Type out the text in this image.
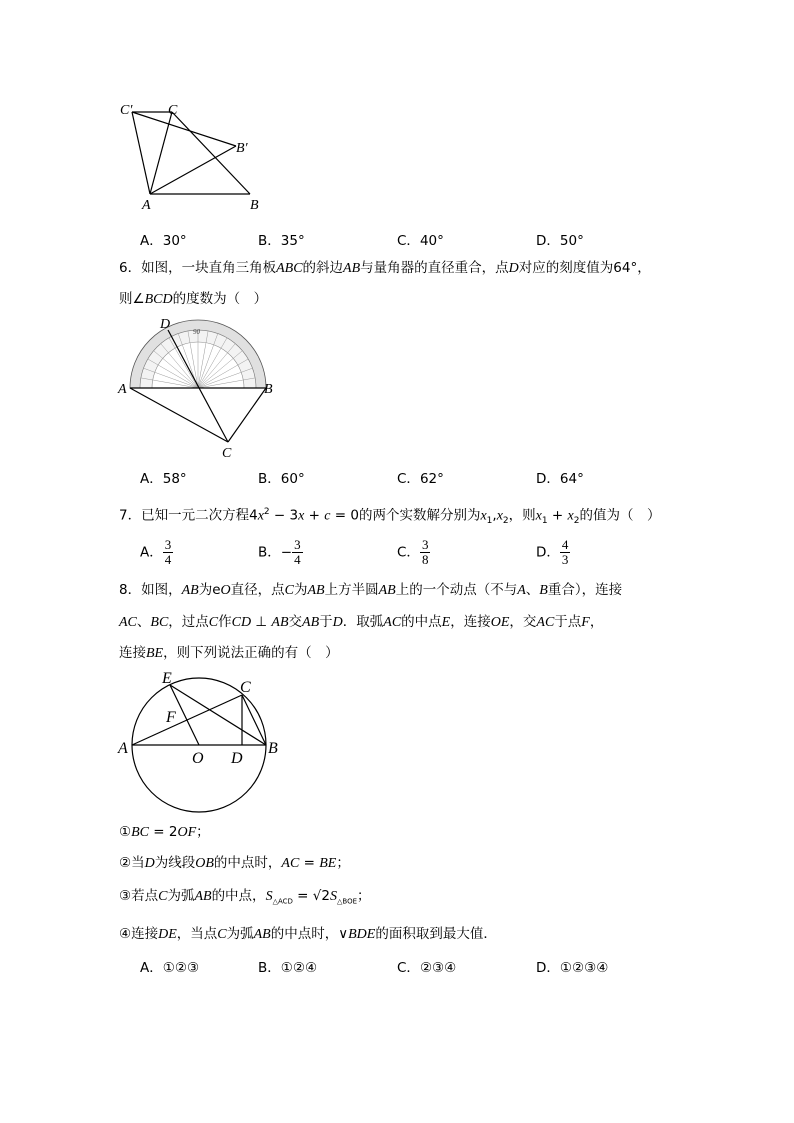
C′	C
B′
A	B
A．30°	B．35°	C．40°	D．50°
6．如图，一块直角三角板ABC的斜边AB与量角器的直径重合，点D对应的刻度值为64°，
则∠BCD的度数为（　）
90
D
A	B
C
A．58°	B．60°	C．62°	D．64°
7．已知一元二次方程$4x^2 - 3x + c = 0$的两个实数解分别为$x_1,x_2$，则$x_1 + x_2$的值为（　）
A． $\frac{3}{4}$	B．− $\frac{3}{4}$	C． $\frac{3}{8}$	D． $\frac{4}{3}$
8．如图，AB为eO直径，点C为AB上方半圆AB上的一个动点（不与A、B重合），连接
AC、BC，过点C作CD ⊥ AB交AB于D．取弧AC的中点E，连接OE，交AC于点F，
连接BE，则下列说法正确的有（　）
E
C
F
A
O D
B
①BC = 2OF；
②当D为线段OB的中点时，AC = BE；
③若点C为弧AB的中点，$S_{\triangle ACD} = √2S_{\triangle BOE}$；
④连接DE，当点C为弧AB的中点时，∨BDE的面积取到最大值．
A．①②③	B．①②④	C．②③④	D．①②③④
